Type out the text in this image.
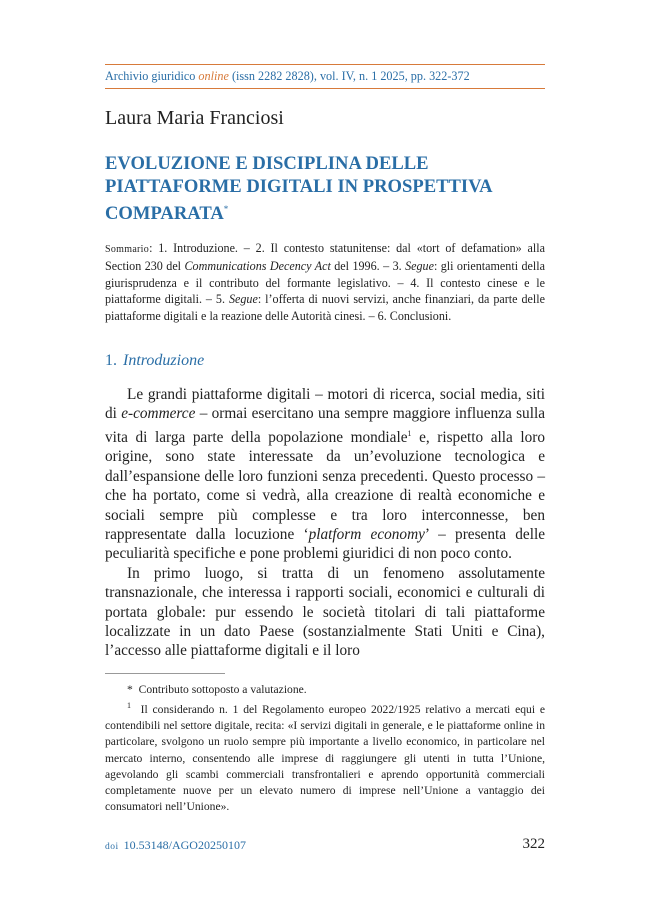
Archivio giuridico online (issn 2282 2828), vol. IV, n. 1 2025, pp. 322-372
Laura Maria Franciosi
EVOLUZIONE E DISCIPLINA DELLE
PIATTAFORME DIGITALI IN PROSPETTIVA
COMPARATA*
Sommario: 1. Introduzione. – 2. Il contesto statunitense: dal «tort of defamation» alla Section 230 del Communications Decency Act del 1996. – 3. Segue: gli orientamenti della giurisprudenza e il contributo del formante legislativo. – 4. Il contesto cinese e le piattaforme digitali. – 5. Segue: l’offerta di nuovi servizi, anche finanziari, da parte delle piattaforme digitali e la reazione delle Autorità cinesi. – 6. Conclusioni.
1. Introduzione

Le grandi piattaforme digitali – motori di ricerca, social media, siti di e-commerce – ormai esercitano una sempre maggiore influenza sulla vita di larga parte della popolazione mondiale$^1$ e, rispetto alla loro origine, sono state interessate da un’evoluzione tecnologica e dall’espansione delle loro funzioni senza precedenti. Questo processo – che ha portato, come si vedrà, alla creazione di realtà economiche e sociali sempre più complesse e tra loro interconnesse, ben rappresentate dalla locuzione ‘platform economy’ – presenta delle peculiarità specifiche e pone problemi giuridici di non poco conto.

In primo luogo, si tratta di un fenomeno assolutamente transnazionale, che interessa i rapporti sociali, economici e culturali di portata globale: pur essendo le società titolari di tali piattaforme localizzate in un dato Paese (sostanzialmente Stati Uniti e Cina), l’accesso alle piattaforme digitali e il loro

* Contributo sottoposto a valutazione.

$^1$ Il considerando n. 1 del Regolamento europeo 2022/1925 relativo a mercati equi e contendibili nel settore digitale, recita: «I servizi digitali in generale, e le piattaforme online in particolare, svolgono un ruolo sempre più importante a livello economico, in particolare nel mercato interno, consentendo alle imprese di raggiungere gli utenti in tutta l’Unione, agevolando gli scambi commerciali transfrontalieri e aprendo opportunità commerciali completamente nuove per un elevato numero di imprese nell’Unione a vantaggio dei consumatori nell’Unione».

doi 10.53148/AGO20250107	322
